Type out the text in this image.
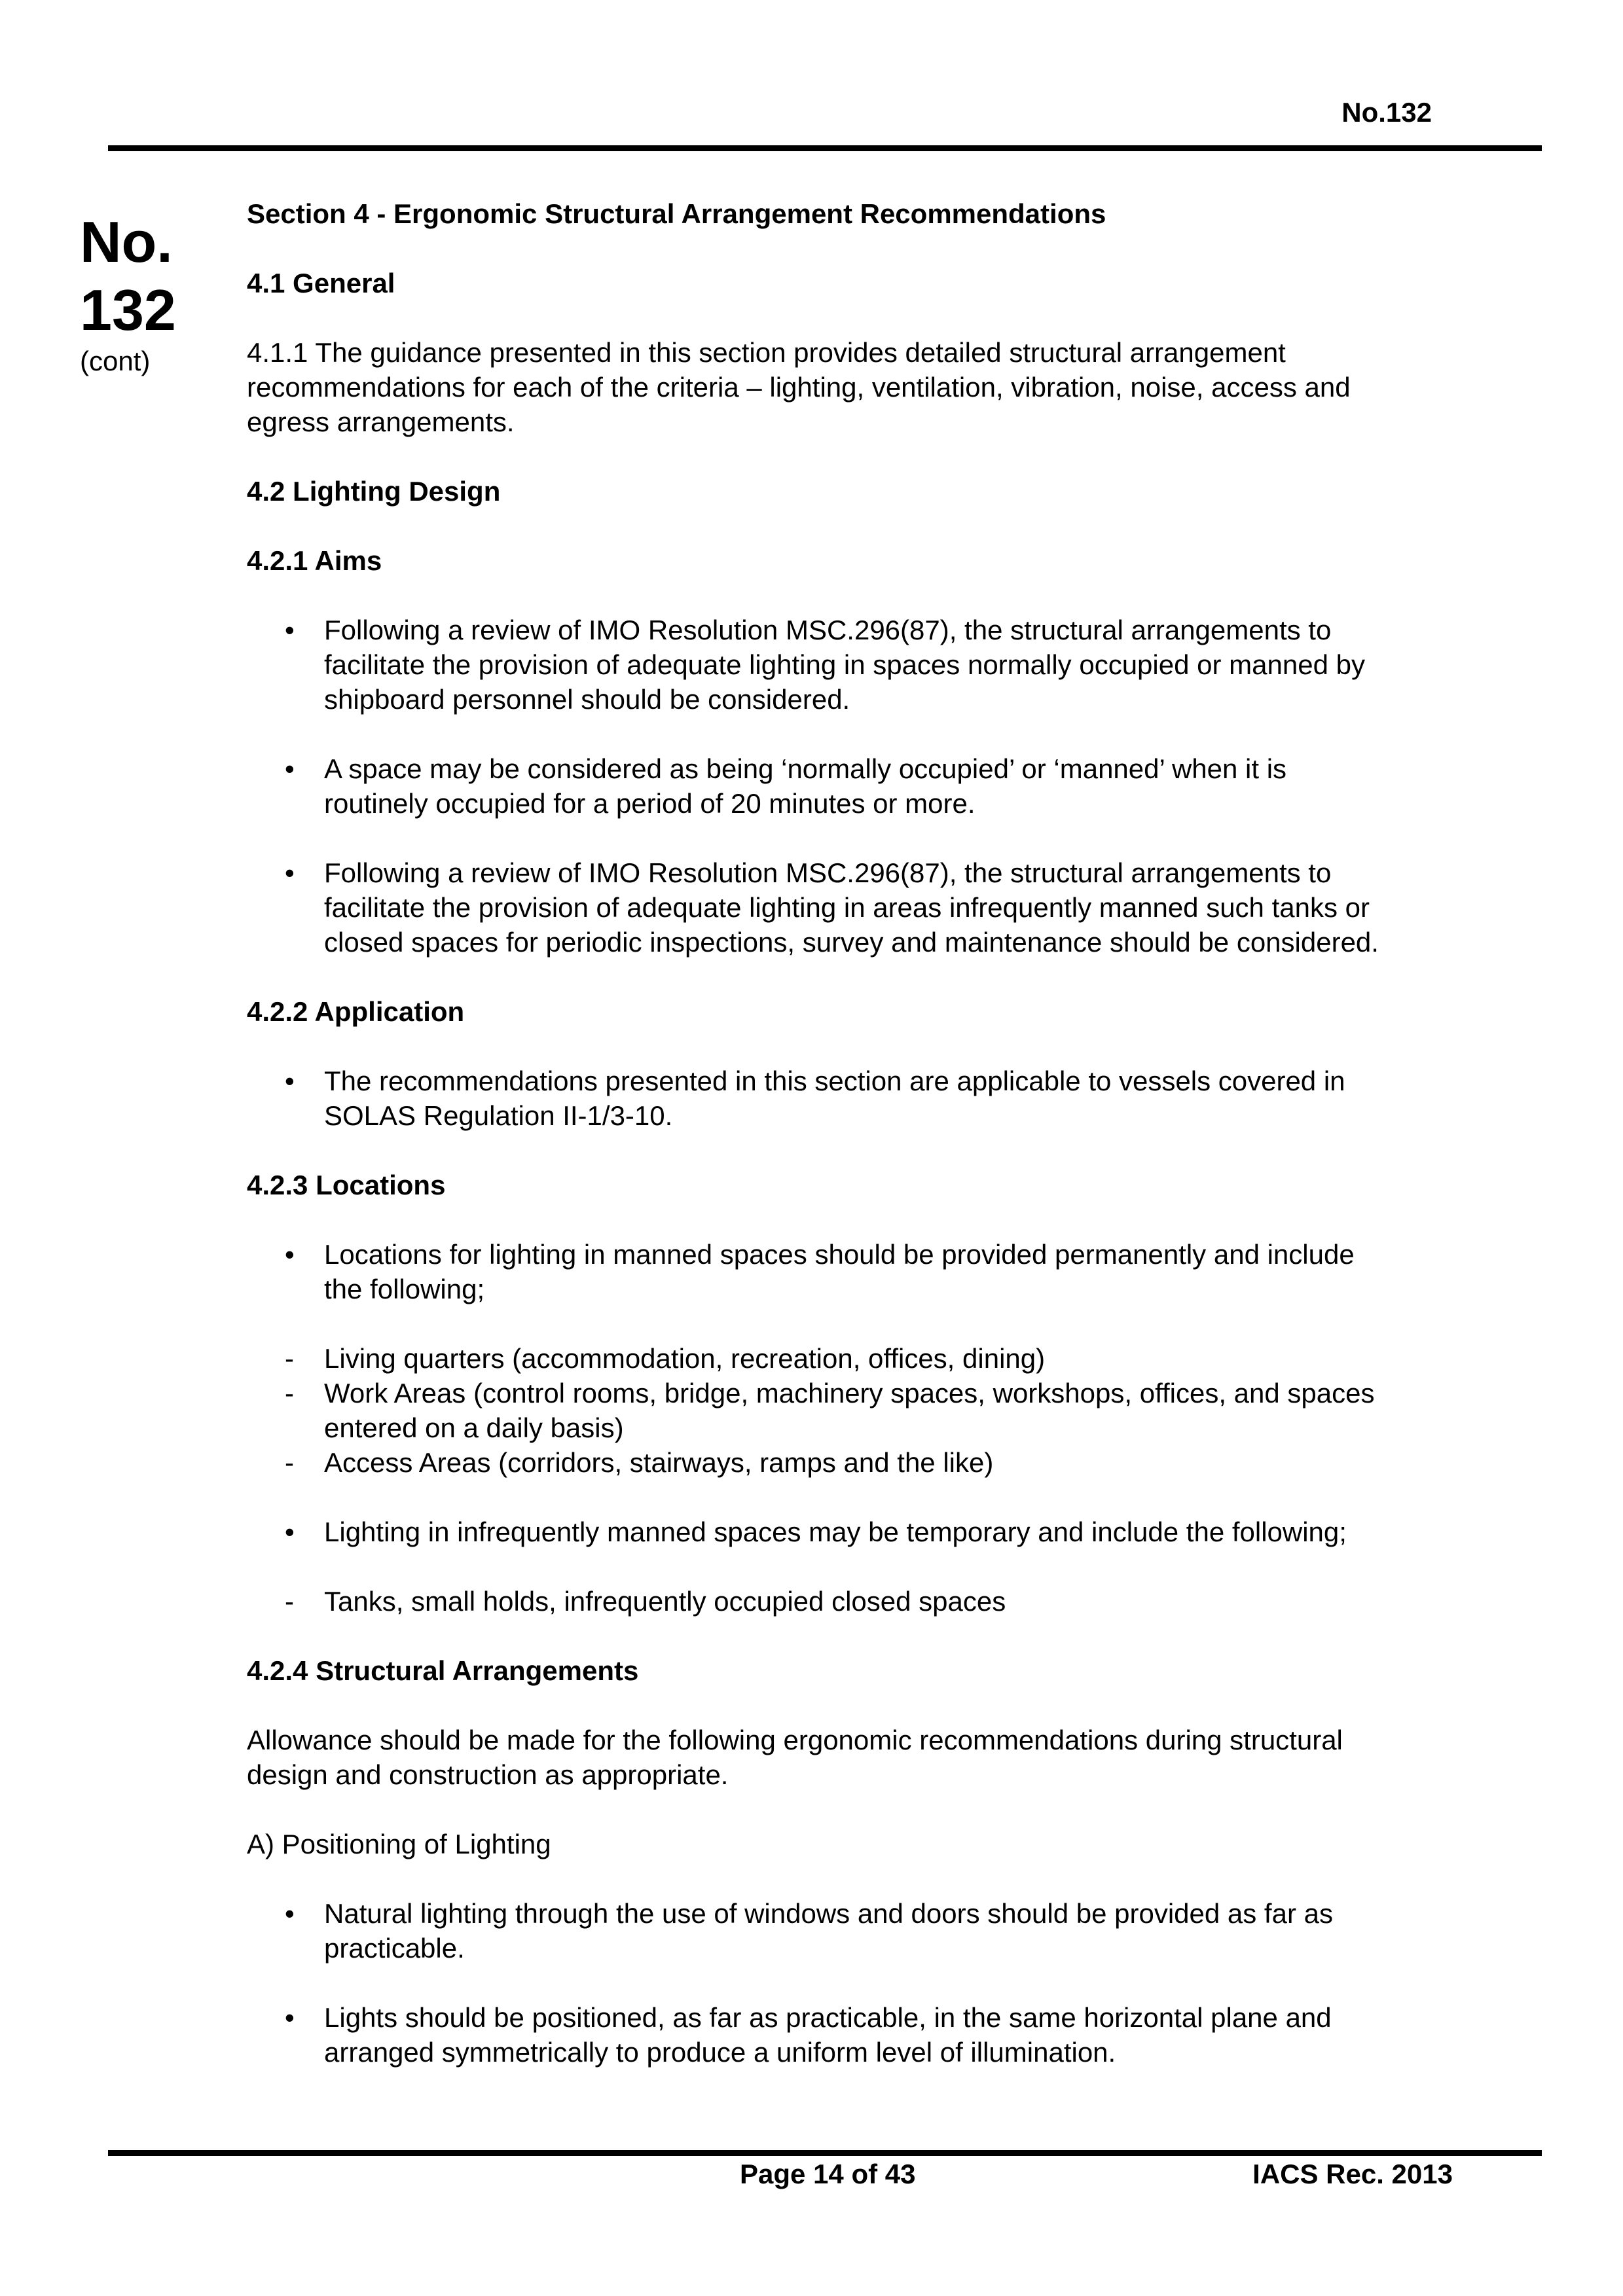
No.132
No.
132
(cont)

Section 4 - Ergonomic Structural Arrangement Recommendations

4.1 General

4.1.1 The guidance presented in this section provides detailed structural arrangement

recommendations for each of the criteria – lighting, ventilation, vibration, noise, access and

egress arrangements.

4.2 Lighting Design

4.2.1 Aims

• Following a review of IMO Resolution MSC.296(87), the structural arrangements to

facilitate the provision of adequate lighting in spaces normally occupied or manned by

shipboard personnel should be considered.

• A space may be considered as being ‘normally occupied’ or ‘manned’ when it is

routinely occupied for a period of 20 minutes or more.

• Following a review of IMO Resolution MSC.296(87), the structural arrangements to

facilitate the provision of adequate lighting in areas infrequently manned such tanks or

closed spaces for periodic inspections, survey and maintenance should be considered.

4.2.2 Application

• The recommendations presented in this section are applicable to vessels covered in

SOLAS Regulation II-1/3-10.

4.2.3 Locations

• Locations for lighting in manned spaces should be provided permanently and include

the following;

- Living quarters (accommodation, recreation, offices, dining)

- Work Areas (control rooms, bridge, machinery spaces, workshops, offices, and spaces

entered on a daily basis)

- Access Areas (corridors, stairways, ramps and the like)

• Lighting in infrequently manned spaces may be temporary and include the following;

- Tanks, small holds, infrequently occupied closed spaces

4.2.4 Structural Arrangements

Allowance should be made for the following ergonomic recommendations during structural

design and construction as appropriate.

A) Positioning of Lighting

• Natural lighting through the use of windows and doors should be provided as far as

practicable.

• Lights should be positioned, as far as practicable, in the same horizontal plane and

arranged symmetrically to produce a uniform level of illumination.

Page 14 of 43	IACS Rec. 2013
